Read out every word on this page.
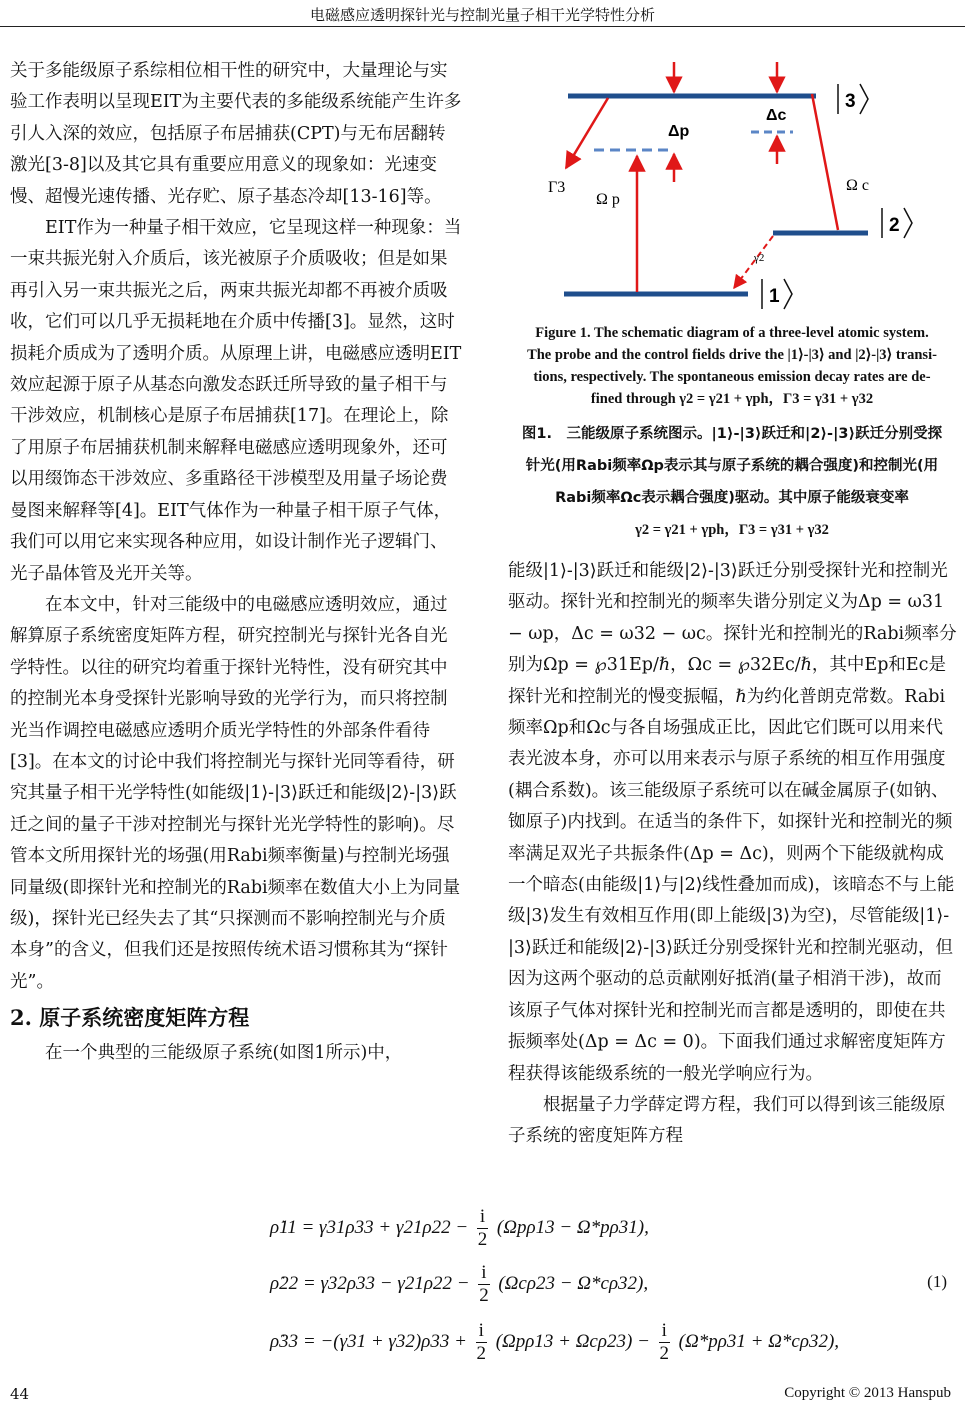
电磁感应透明探针光与控制光量子相干光学特性分析

关于多能级原子系综相位相干性的研究中，大量理论与实验工作表明以呈现EIT为主要代表的多能级系统能产生许多引人入深的效应，包括原子布居捕获(CPT)与无布居翻转激光[3-8]以及其它具有重要应用意义的现象如：光速变慢、超慢光速传播、光存贮、原子基态冷却[13-16]等。

EIT作为一种量子相干效应，它呈现这样一种现象：当一束共振光射入介质后，该光被原子介质吸收；但是如果再引入另一束共振光之后，两束共振光却都不再被介质吸收，它们可以几乎无损耗地在介质中传播[3]。显然，这时损耗介质成为了透明介质。从原理上讲，电磁感应透明EIT效应起源于原子从基态向激发态跃迁所导致的量子相干与干涉效应，机制核心是原子布居捕获[17]。在理论上，除了用原子布居捕获机制来解释电磁感应透明现象外，还可以用缀饰态干涉效应、多重路径干涉模型及用量子场论费曼图来解释等[4]。EIT气体作为一种量子相干原子气体，我们可以用它来实现各种应用，如设计制作光子逻辑门、光子晶体管及光开关等。

在本文中，针对三能级中的电磁感应透明效应，通过解算原子系统密度矩阵方程，研究控制光与探针光各自光学特性。以往的研究均着重于探针光特性，没有研究其中的控制光本身受探针光影响导致的光学行为，而只将控制光当作调控电磁感应透明介质光学特性的外部条件看待[3]。在本文的讨论中我们将控制光与探针光同等看待，研究其量子相干光学特性(如能级|1⟩-|3⟩跃迁和能级|2⟩-|3⟩跃迁之间的量子干涉对控制光与探针光光学特性的影响)。尽管本文所用探针光的场强(用Rabi频率衡量)与控制光场强同量级(即探针光和控制光的Rabi频率在数值大小上为同量级)，探针光已经失去了其“只探测而不影响控制光与介质本身”的含义，但我们还是按照传统术语习惯称其为“探针光”。

2. 原子系统密度矩阵方程

在一个典型的三能级原子系统(如图1所示)中，

Δp
Δc
Γ3
Ω p
Ω c
γ2
3
2
1
Figure 1. The schematic diagram of a three-level atomic system.
The probe and the control fields drive the |1⟩-|3⟩ and |2⟩-|3⟩ transi-
tions, respectively. The spontaneous emission decay rates are de-
fined through γ2 = γ21 + γph，Γ3 = γ31 + γ32
图1.　三能级原子系统图示。|1⟩-|3⟩跃迁和|2⟩-|3⟩跃迁分别受探
针光(用Rabi频率Ωp表示其与原子系统的耦合强度)和控制光(用
Rabi频率Ωc表示耦合强度)驱动。其中原子能级衰变率
γ2 = γ21 + γph，Γ3 = γ31 + γ32

能级|1⟩-|3⟩跃迁和能级|2⟩-|3⟩跃迁分别受探针光和控制光驱动。探针光和控制光的频率失谐分别定义为Δp = ω31 − ωp，Δc = ω32 − ωc。探针光和控制光的Rabi频率分别为Ωp = ℘31Ep/ℏ，Ωc = ℘32Ec/ℏ，其中Ep和Ec是探针光和控制光的慢变振幅，ℏ为约化普朗克常数。Rabi频率Ωp和Ωc与各自场强成正比，因此它们既可以用来代表光波本身，亦可以用来表示与原子系统的相互作用强度(耦合系数)。该三能级原子系统可以在碱金属原子(如钠、铷原子)内找到。在适当的条件下，如探针光和控制光的频率满足双光子共振条件(Δp = Δc)，则两个下能级就构成一个暗态(由能级|1⟩与|2⟩线性叠加而成)，该暗态不与上能级|3⟩发生有效相互作用(即上能级|3⟩为空)，尽管能级|1⟩-|3⟩跃迁和能级|2⟩-|3⟩跃迁分别受探针光和控制光驱动，但因为这两个驱动的总贡献刚好抵消(量子相消干涉)，故而该原子气体对探针光和控制光而言都是透明的，即使在共振频率处(Δp = Δc = 0)。下面我们通过求解密度矩阵方程获得该能级系统的一般光学响应行为。

根据量子力学薛定谔方程，我们可以得到该三能级原子系统的密度矩阵方程

ρ̇11 = $\gamma 31\rho 33 + \gamma 21\rho 22 - \frac{i}{2} (\Omega p\rho 13 - \Omega*p\rho 31)$,
ρ̇22 = $\gamma 32\rho 33 - \gamma 21\rho 22 - \frac{i}{2} (\Omega c\rho 23 - \Omega*c\rho 32)$,
ρ̇33 = $-(\gamma 31 + \gamma 32)\rho 33 + \frac{i}{2} (\Omega p\rho 13 + \Omega c\rho 23) - \frac{i}{2} (\Omega*p\rho 31 + \Omega*c\rho 32)$,
(1)
44	Copyright © 2013 Hanspub
